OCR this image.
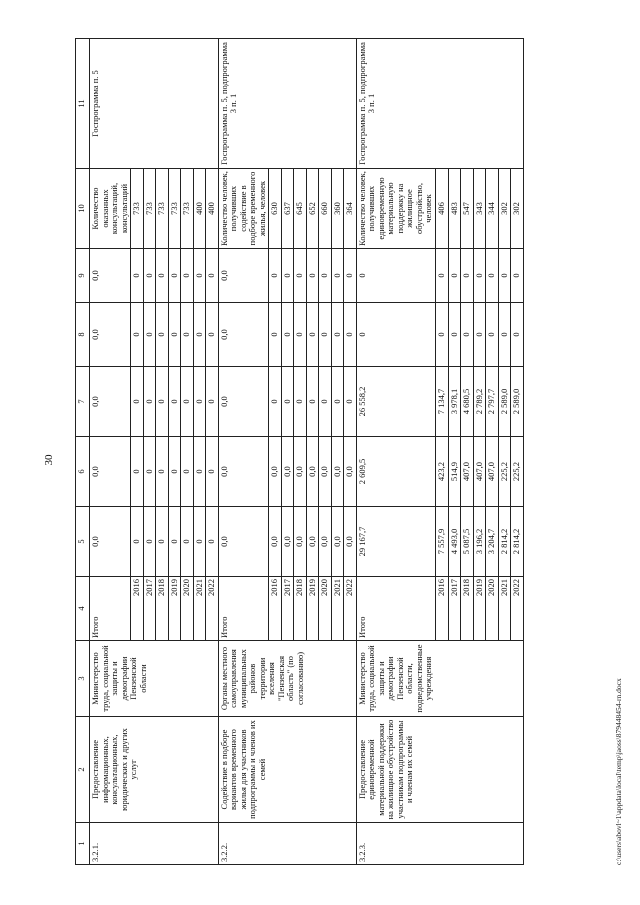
30
1	2	3	4	5	6	7	8	9	10	11
3.2.1.	Предоставление информационных, консультационных, юридических и других услуг	Министерство труда, социальной защиты и демографии Пензенской области	Итого	0,0	0,0	0,0	0,0	0,0	Количество оказанных консультаций, консультаций	Госпрограмма п. 5
			2016	0	0	0	0	0	733	
			2017	0	0	0	0	0	733	
			2018	0	0	0	0	0	733	
			2019	0	0	0	0	0	733	
			2020	0	0	0	0	0	733	
			2021	0	0	0	0	0	400	
			2022	0	0	0	0	0	400	
3.2.2.	Содействие в подборе вариантов временного жилья для участников подпрограммы и членов их семей	Органы местного самоуправления муниципальных районов территории вселения "Пензенская область" (по согласованию)	Итого	0,0	0,0	0,0	0,0	0,0	Количество человек, получивших содействие в подборе временного жилья, человек	Госпрограмма п. 5, подпрограмма 3 п. 1
			2016	0,0	0,0	0	0	0	630	
			2017	0,0	0,0	0	0	0	637	
			2018	0,0	0,0	0	0	0	645	
			2019	0,0	0,0	0	0	0	652	
			2020	0,0	0,0	0	0	0	660	
			2021	0,0	0,0	0	0	0	360	
			2022	0,0	0,0	0	0	0	364	
3.2.3.	Предоставление единовременной материальной поддержки на жилищное обустройство участникам подпрограммы и членам их семей	Министерство труда, социальной защиты и демографии Пензенской области, подведомственные учреждения	Итого	29 167,7	2 609,5	26 558,2	0	0	Количество человек, получивших единовременную материальную поддержку на жилищное обустройство, человек	Госпрограмма п. 5, подпрограмма 3 п. 1
			2016	7 557,9	423,2	7 134,7	0	0	406	
			2017	4 493,0	514,9	3 978,1	0	0	483	
			2018	5 087,5	407,0	4 680,5	0	0	547	
			2019	3 196,2	407,0	2 789,2	0	0	343	
			2020	3 204,7	407,0	2 797,7	0	0	344	
			2021	2 814,2	225,2	2 589,0	0	0	302	
			2022	2 814,2	225,2	2 589,0	0	0	302	
c:\users\abovl~1\appdata\local\temp\jaoss\879448454-rn.docx
